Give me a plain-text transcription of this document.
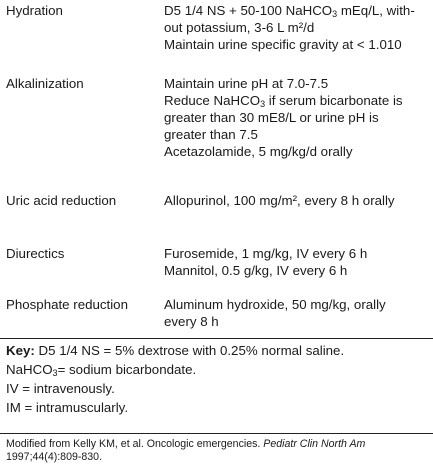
Hydration	D5 1/4 NS + 50-100 NaHCO$_3$ mEq/L, with-
out potassium, 3-6 L m²/d
Maintain urine specific gravity at < 1.010
Alkalinization	Maintain urine pH at 7.0-7.5
Reduce NaHCO$_3$ if serum bicarbonate is
greater than 30 mE8/L or urine pH is
greater than 7.5
Acetazolamide, 5 mg/kg/d orally
Uric acid reduction	Allopurinol, 100 mg/m², every 8 h orally
Diurectics	Furosemide, 1 mg/kg, IV every 6 h
Mannitol, 0.5 g/kg, IV every 6 h
Phosphate reduction	Aluminum hydroxide, 50 mg/kg, orally
every 8 h
Key: D5 1/4 NS = 5% dextrose with 0.25% normal saline.
NaHCO$_3$= sodium bicarbondate.
IV = intravenously.
IM = intramuscularly.
Modified from Kelly KM, et al. Oncologic emergencies. Pediatr Clin North Am
1997;44(4):809-830.
